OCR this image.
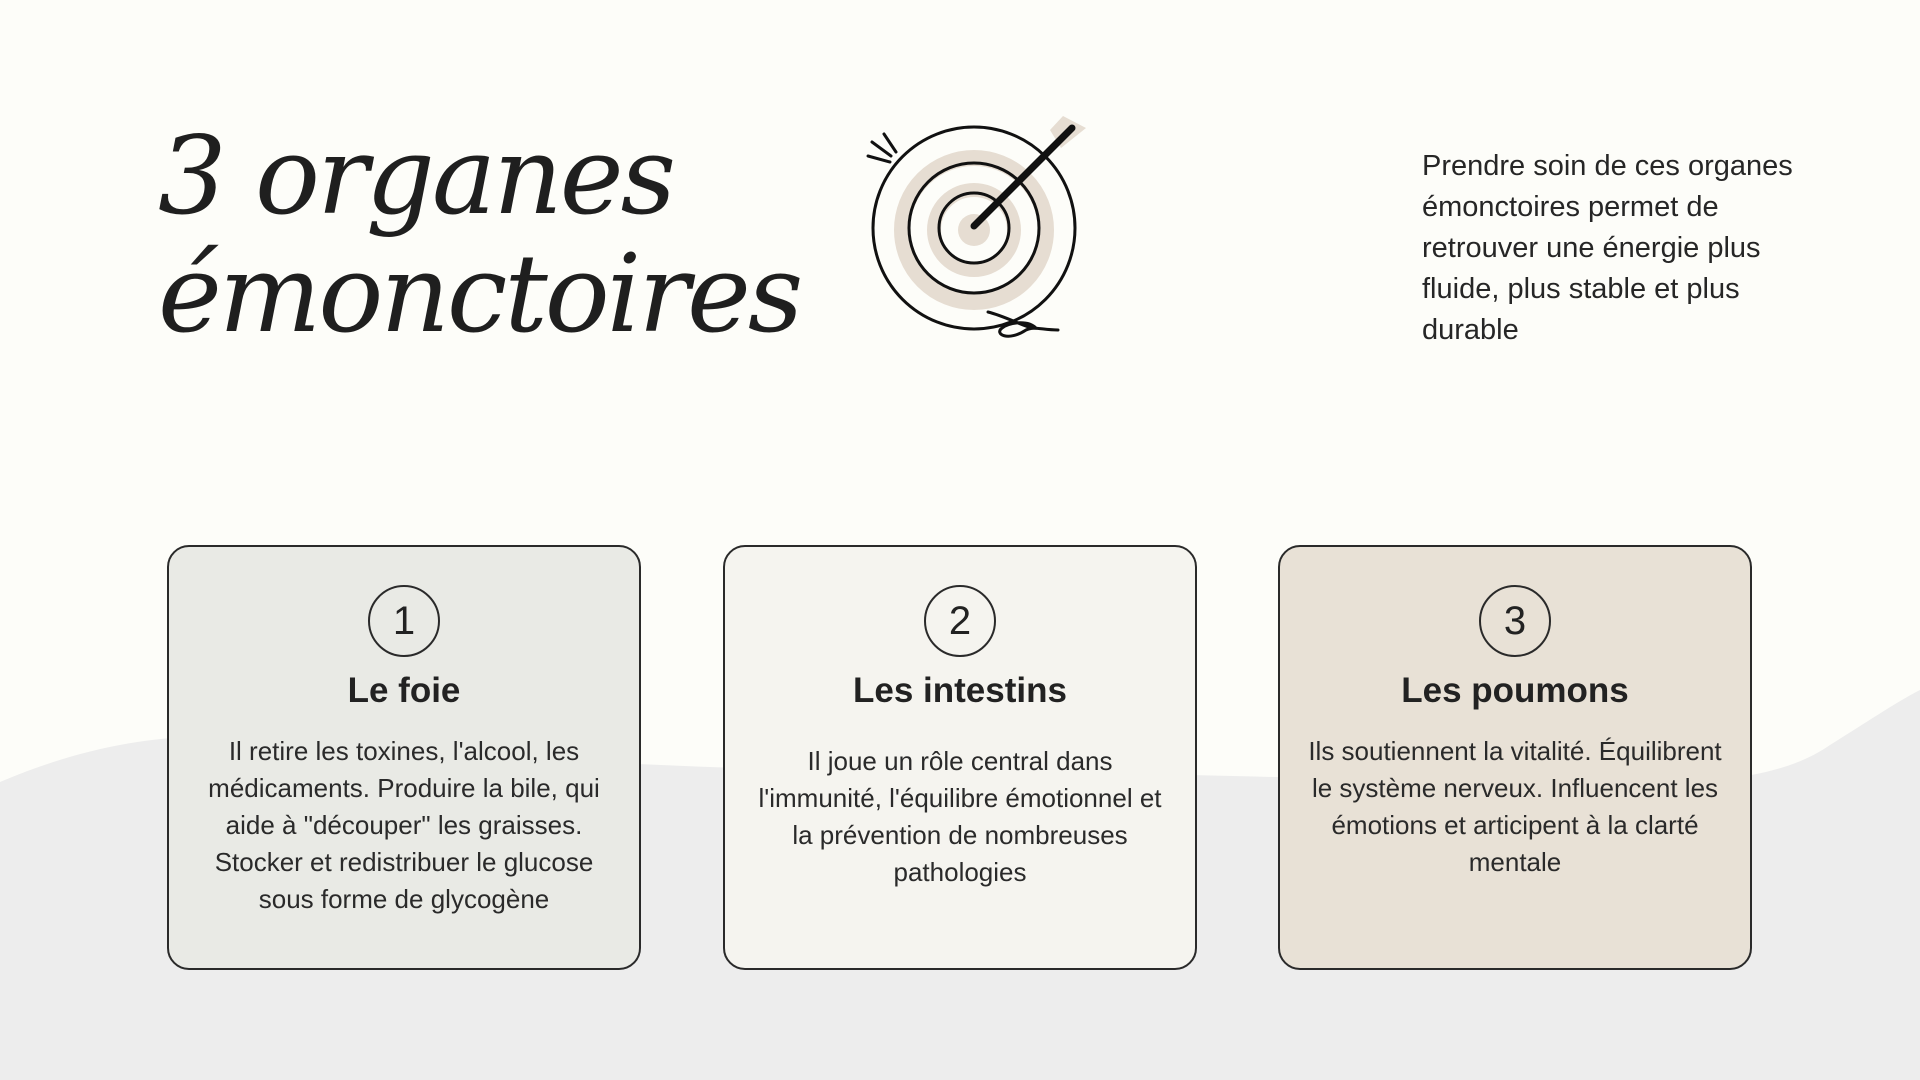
3 organes
émonctoires

Prendre soin de ces organes émonctoires permet de retrouver une énergie plus fluide, plus stable et plus durable

1
Le foie

Il retire les toxines, l'alcool, les médicaments. Produire la bile, qui aide à "découper" les graisses. Stocker et redistribuer le glucose sous forme de glycogène

2
Les intestins

Il joue un rôle central dans l'immunité, l'équilibre émotionnel et la prévention de nombreuses pathologies

3
Les poumons

Ils soutiennent la vitalité. Équilibrent le système nerveux. Influencent les émotions et articipent à la clarté mentale
